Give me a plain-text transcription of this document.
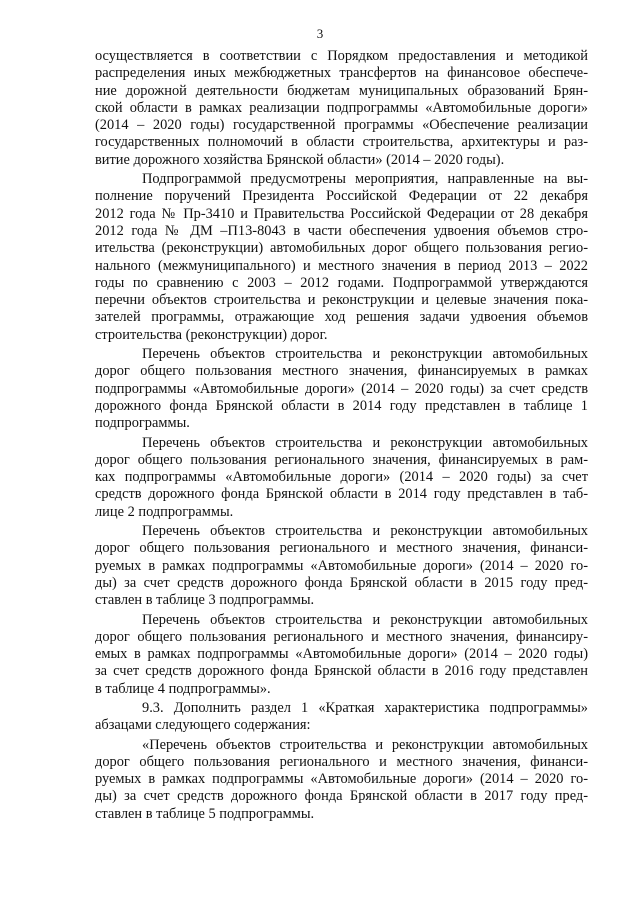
3

осуществляется в соответствии с Порядком предоставления и методикой
распределения иных межбюджетных трансфертов на финансовое обеспече-
ние дорожной деятельности бюджетам муниципальных образований Брян-
ской области в рамках реализации подпрограммы «Автомобильные дороги»
(2014 – 2020 годы) государственной программы «Обеспечение реализации
государственных полномочий в области строительства, архитектуры и раз-
витие дорожного хозяйства Брянской области» (2014 – 2020 годы).

Подпрограммой предусмотрены мероприятия, направленные на вы-
полнение поручений Президента Российской Федерации от 22 декабря
2012 года № Пр-3410 и Правительства Российской Федерации от 28 декабря
2012 года № ДМ –П13-8043 в части обеспечения удвоения объемов стро-
ительства (реконструкции) автомобильных дорог общего пользования регио-
нального (межмуниципального) и местного значения в период 2013 – 2022
годы по сравнению с 2003 – 2012 годами. Подпрограммой утверждаются
перечни объектов строительства и реконструкции и целевые значения пока-
зателей программы, отражающие ход решения задачи удвоения объемов
строительства (реконструкции) дорог.

Перечень объектов строительства и реконструкции автомобильных
дорог общего пользования местного значения, финансируемых в рамках
подпрограммы «Автомобильные дороги» (2014 – 2020 годы) за счет средств
дорожного фонда Брянской области в 2014 году представлен в таблице 1
подпрограммы.

Перечень объектов строительства и реконструкции автомобильных
дорог общего пользования регионального значения, финансируемых в рам-
ках подпрограммы «Автомобильные дороги» (2014 – 2020 годы) за счет
средств дорожного фонда Брянской области в 2014 году представлен в таб-
лице 2 подпрограммы.

Перечень объектов строительства и реконструкции автомобильных
дорог общего пользования регионального и местного значения, финанси-
руемых в рамках подпрограммы «Автомобильные дороги» (2014 – 2020 го-
ды) за счет средств дорожного фонда Брянской области в 2015 году пред-
ставлен в таблице 3 подпрограммы.

Перечень объектов строительства и реконструкции автомобильных
дорог общего пользования регионального и местного значения, финансиру-
емых в рамках подпрограммы «Автомобильные дороги» (2014 – 2020 годы)
за счет средств дорожного фонда Брянской области в 2016 году представлен
в таблице 4 подпрограммы».

9.3. Дополнить раздел 1 «Краткая характеристика подпрограммы»
абзацами следующего содержания:

«Перечень объектов строительства и реконструкции автомобильных
дорог общего пользования регионального и местного значения, финанси-
руемых в рамках подпрограммы «Автомобильные дороги» (2014 – 2020 го-
ды) за счет средств дорожного фонда Брянской области в 2017 году пред-
ставлен в таблице 5 подпрограммы.
